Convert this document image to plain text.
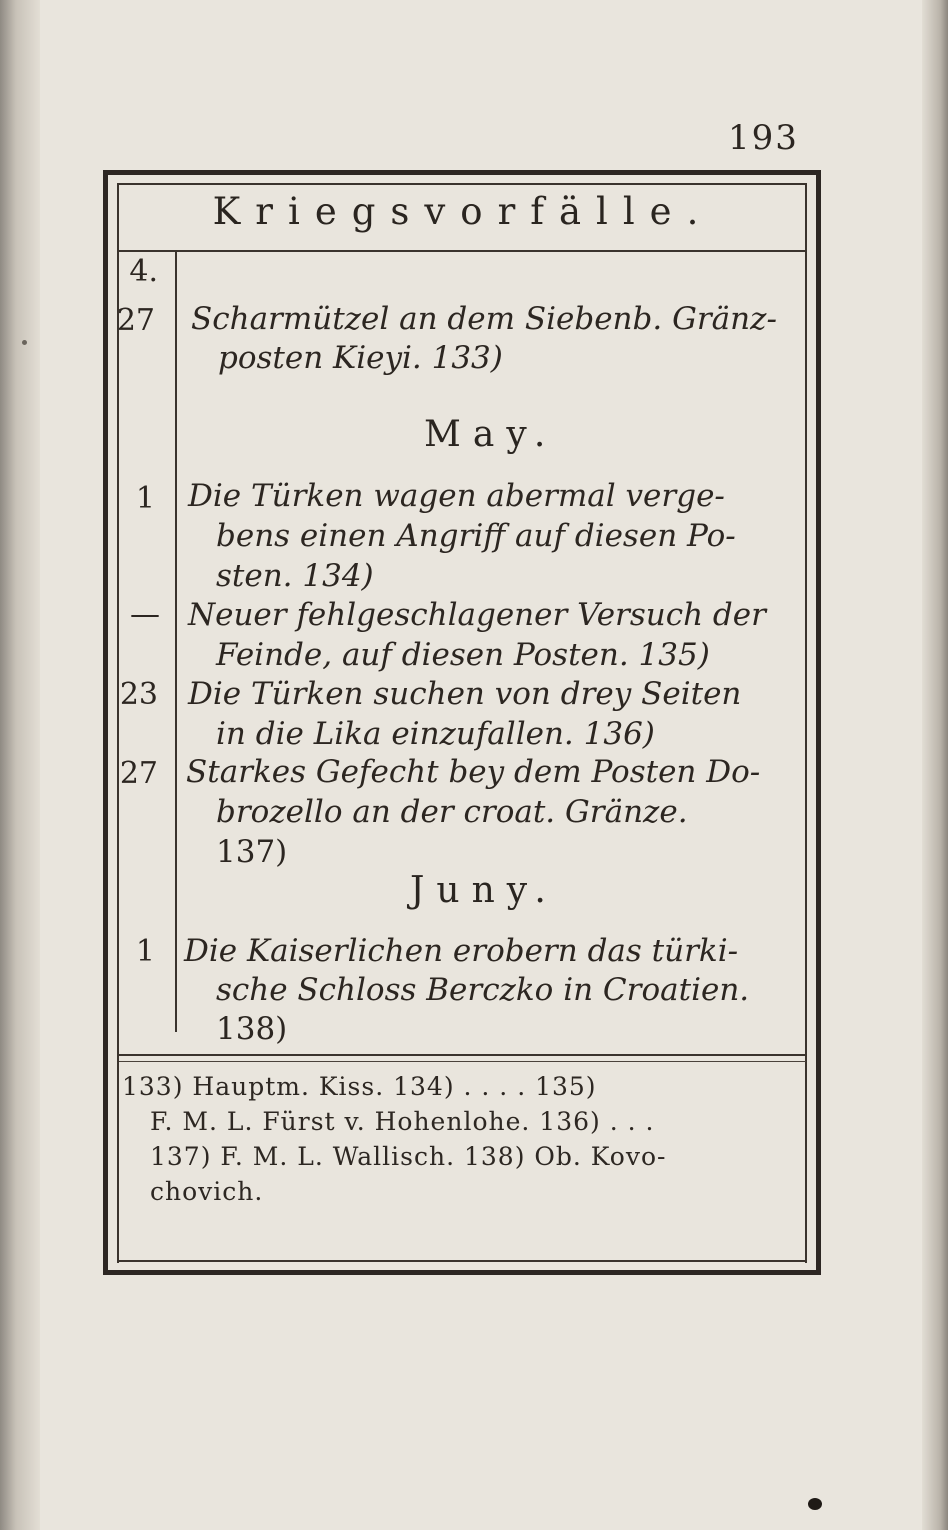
193
Kriegsvorfälle.
4.
27 Scharmützel an dem Siebenb. Gränz-
posten Kieyi. 133)
May.
1 Die Türken wagen abermal verge-
bens einen Angriff auf diesen Po-
sten. 134)
— Neuer fehlgeschlagener Versuch der
Feinde, auf diesen Posten. 135)
23 Die Türken suchen von drey Seiten
in die Lika einzufallen. 136)
27 Starkes Gefecht bey dem Posten Do-
brozello an der croat. Gränze.
137)
Juny.
1 Die Kaiserlichen erobern das türki-
sche Schloss Berczko in Croatien.
138)
133) Hauptm. Kiss. 134) . . . . 135)
F. M. L. Fürst v. Hohenlohe. 136) . . .
137) F. M. L. Wallisch. 138) Ob. Kovo-
chovich.
